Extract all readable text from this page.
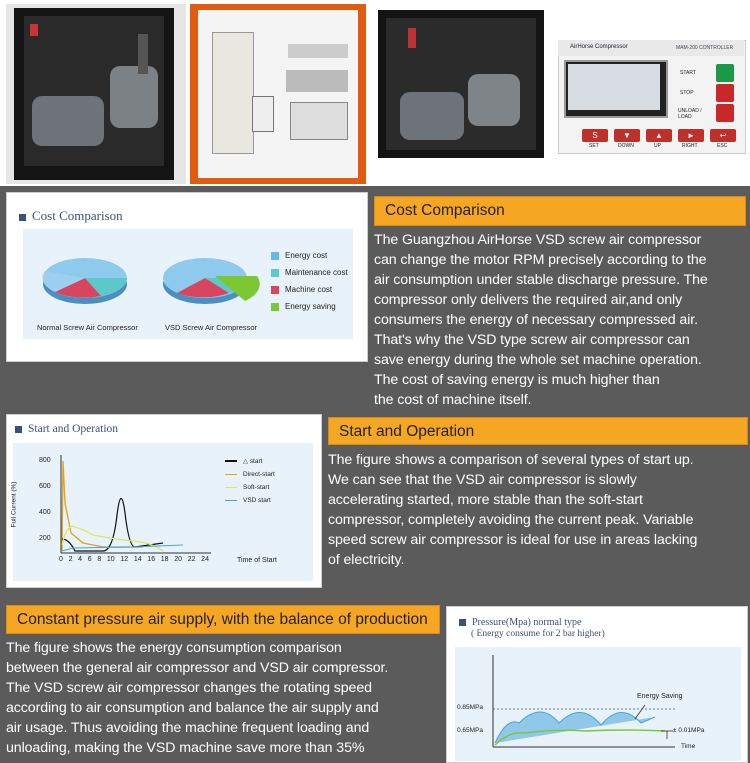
AirHorse Compressor	MAM-200 CONTROLLER
START
STOP
UNLOAD / LOAD
S	▼	▲	►	↩
SET	DOWN	UP	RIGHT	ESC
Cost Comparison
Energy cost
Maintenance cost
Machine cost
Energy saving
Normal Screw Air Compressor	VSD Screw Air Compressor
Cost Comparison
The Guangzhou AirHorse VSD screw air compressor
can change the motor RPM precisely according to the
air consumption under stable discharge pressure. The
compressor only delivers the required air,and only
consumers the energy of necessary compressed air.
That's why the VSD type screw air compressor can
save energy during the whole set machine operation.
The cost of saving energy is much higher than
the cost of machine itself.
Start and Operation
Full Current (%)
800
600
400
200
0 2 4 6 8 10 12 14 16 18 20 22 24	Time of Start
△ start
Direct-start
Soft-start
VSD start
Start and Operation
The figure shows a comparison of several types of start up.
We can see that the VSD air compressor is slowly
accelerating started, more stable than the soft-start
compressor, completely avoiding the current peak. Variable
speed screw air compressor is ideal for use in areas lacking
of electricity.
Constant pressure air supply, with the balance of production
The figure shows the energy consumption comparison
between the general air compressor and VSD air compressor.
The VSD screw air compressor changes the rotating speed
according to air consumption and balance the air supply and
air usage. Thus avoiding the machine frequent loading and
unloading, making the VSD machine save more than 35%
Pressure(Mpa) normal type
( Energy consume for 2 bar higher)
Energy Saving
0.85MPa
0.65MPa	± 0.01MPa
Time
